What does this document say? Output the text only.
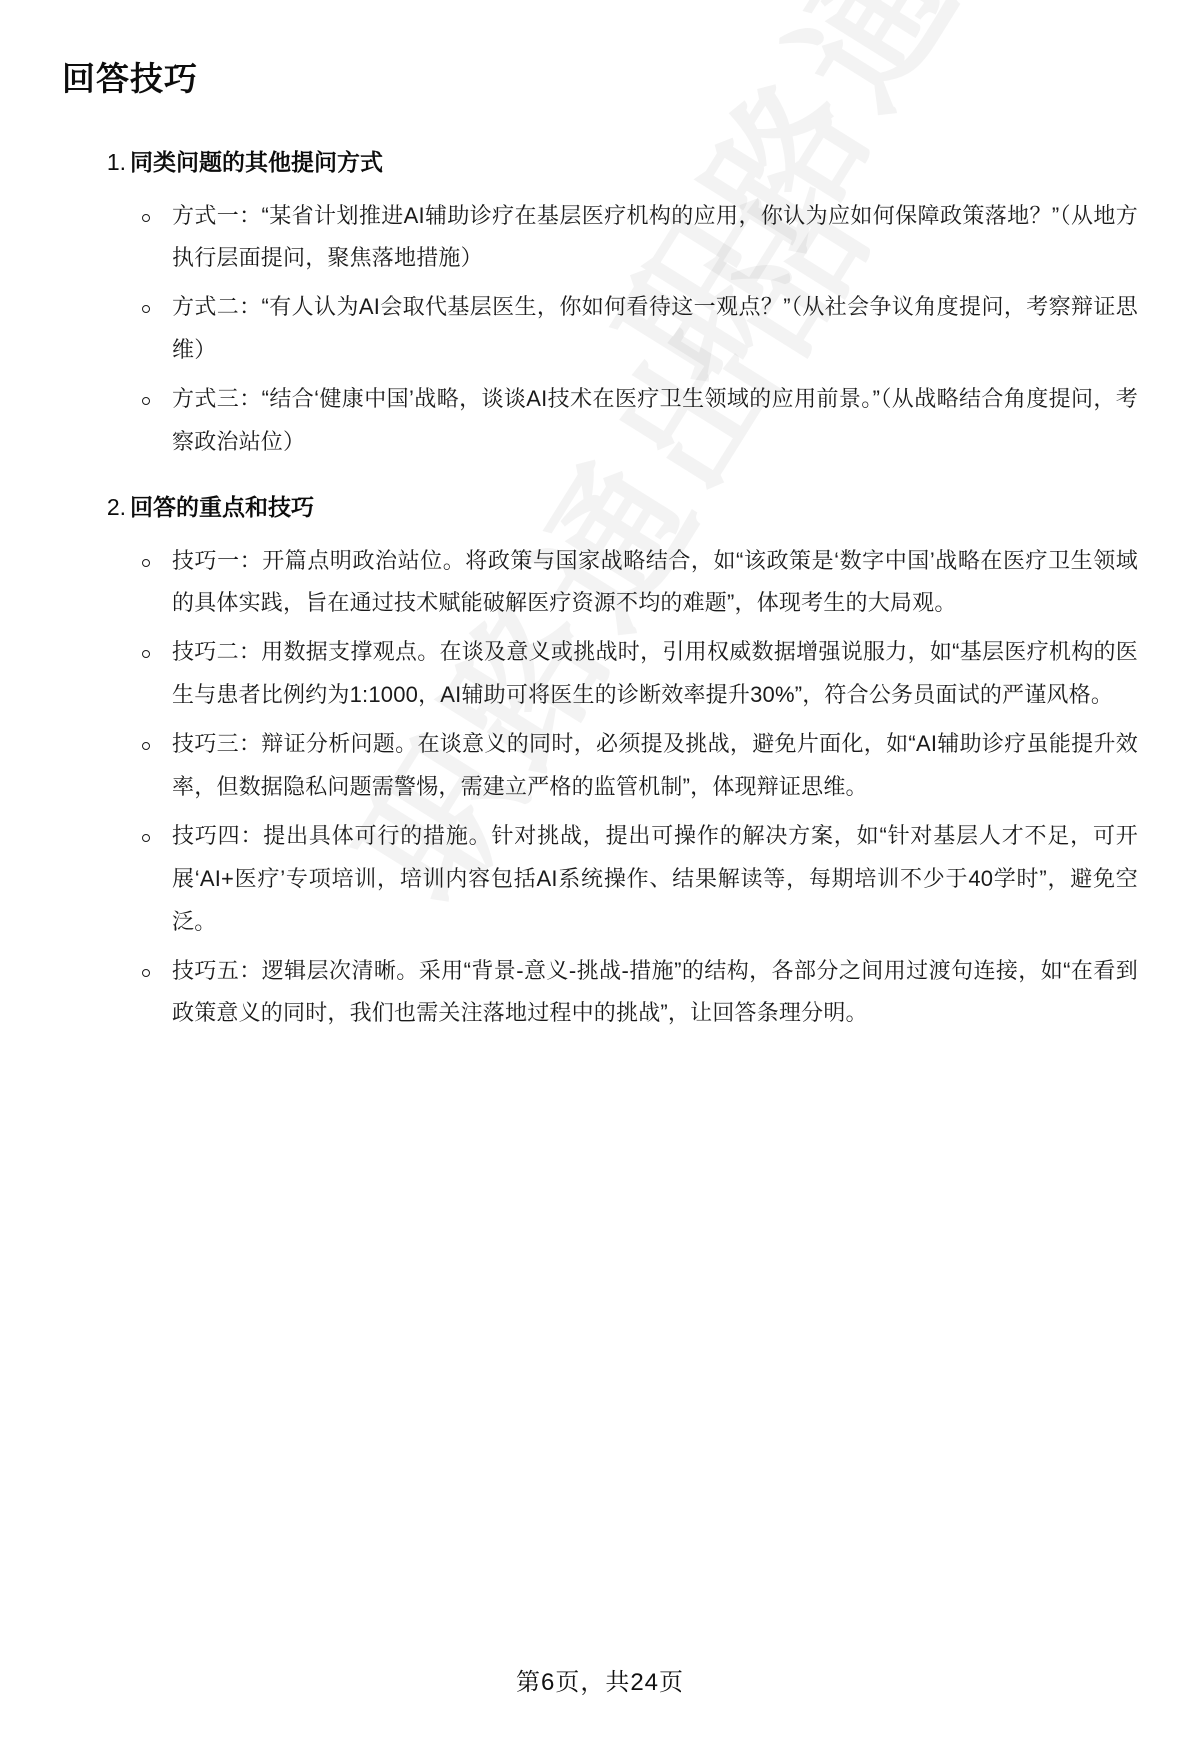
回答技巧
1. 同类问题的其他提问方式
方式一：“某省计划推进AI辅助诊疗在基层医疗机构的应用，你认为应如何保障政策落地？”（从地方执行层面提问，聚焦落地措施）
方式二：“有人认为AI会取代基层医生，你如何看待这一观点？”（从社会争议角度提问，考察辩证思维）
方式三：“结合‘健康中国’战略，谈谈AI技术在医疗卫生领域的应用前景。”（从战略结合角度提问，考察政治站位）
2. 回答的重点和技巧
技巧一：开篇点明政治站位。将政策与国家战略结合，如“该政策是‘数字中国’战略在医疗卫生领域的具体实践，旨在通过技术赋能破解医疗资源不均的难题”，体现考生的大局观。
技巧二：用数据支撑观点。在谈及意义或挑战时，引用权威数据增强说服力，如“基层医疗机构的医生与患者比例约为1:1000，AI辅助可将医生的诊断效率提升30%”，符合公务员面试的严谨风格。
技巧三：辩证分析问题。在谈意义的同时，必须提及挑战，避免片面化，如“AI辅助诊疗虽能提升效率，但数据隐私问题需警惕，需建立严格的监管机制”，体现辩证思维。
技巧四：提出具体可行的措施。针对挑战，提出可操作的解决方案，如“针对基层人才不足，可开展‘AI+医疗’专项培训，培训内容包括AI系统操作、结果解读等，每期培训不少于40学时”，避免空泛。
技巧五：逻辑层次清晰。采用“背景-意义-挑战-措施”的结构，各部分之间用过渡句连接，如“在看到政策意义的同时，我们也需关注落地过程中的挑战”，让回答条理分明。
第6页，共24页
